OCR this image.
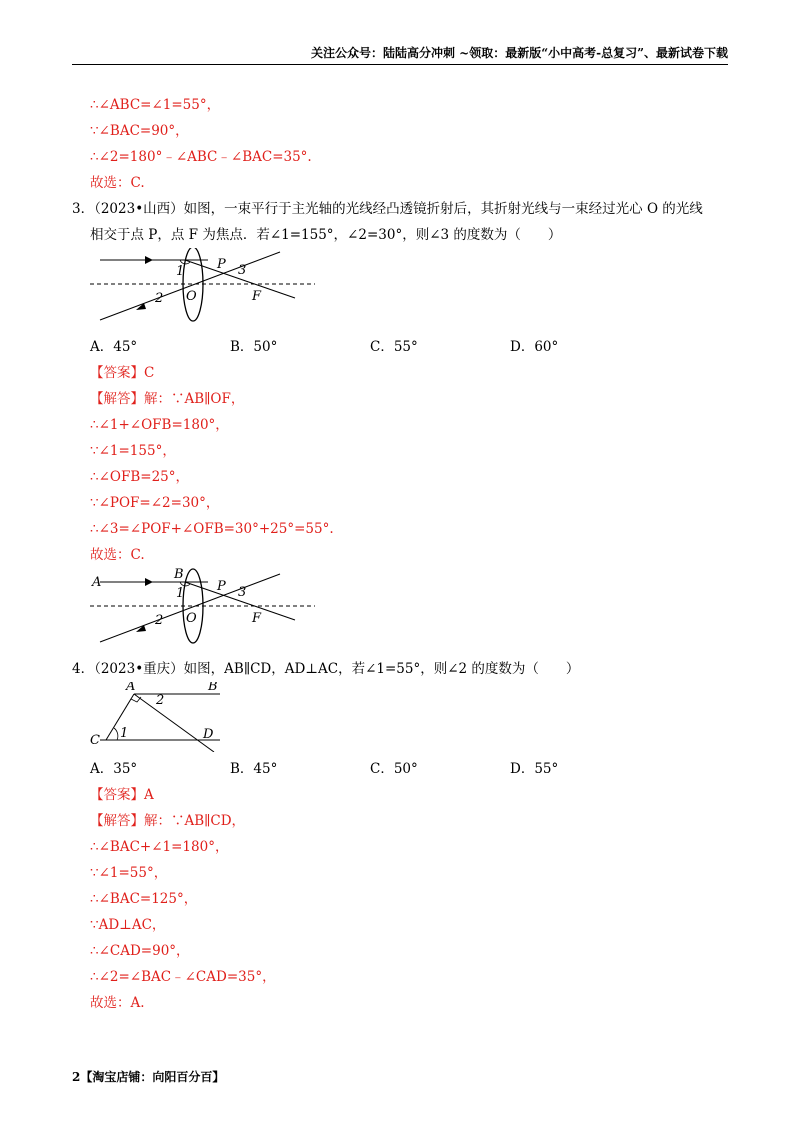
关注公众号：陆陆高分冲刺 ~领取：最新版“小中高考-总复习”、最新试卷下载
∴∠ABC=∠1=55°，
∵∠BAC=90°，
∴∠2=180°﹣∠ABC﹣∠BAC=35°.
故选：C.
3．（2023•山西）如图，一束平行于主光轴的光线经凸透镜折射后，其折射光线与一束经过光心 O 的光线
相交于点 P，点 F 为焦点．若∠1=155°，∠2=30°，则∠3 的度数为（　　）
1
2
3
P
O	F
A．45°	B．50°	C．55°	D．60°
【答案】C
【解答】解：∵AB∥OF，
∴∠1+∠OFB=180°，
∵∠1=155°，
∴∠OFB=25°，
∵∠POF=∠2=30°，
∴∠3=∠POF+∠OFB=30°+25°=55°.
故选：C.
A
B
1
2
3
P
O	F
4．（2023•重庆）如图，AB∥CD，AD⊥AC，若∠1=55°，则∠2 的度数为（　　）
A	B
C	D
1
2
A．35°	B．45°	C．50°	D．55°
【答案】A
【解答】解：∵AB∥CD，
∴∠BAC+∠1=180°，
∵∠1=55°，
∴∠BAC=125°，
∵AD⊥AC，
∴∠CAD=90°，
∴∠2=∠BAC﹣∠CAD=35°，
故选：A.
2【淘宝店铺：向阳百分百】
